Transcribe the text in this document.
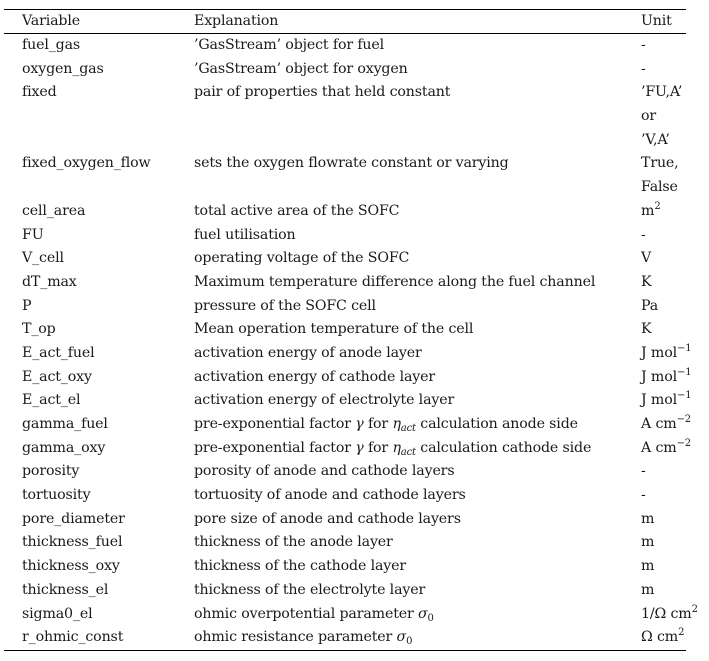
Variable	Explanation	Unit
fuel_gas	’GasStream’ object for fuel	-
oxygen_gas	’GasStream’ object for oxygen	-
fixed	pair of properties that held constant	’FU,A’
or
’V,A’
fixed_oxygen_flow	sets the oxygen flowrate constant or varying	True,
False
cell_area	total active area of the SOFC	$m^2$
FU	fuel utilisation	-
V_cell	operating voltage of the SOFC	V
dT_max	Maximum temperature difference along the fuel channel	K
P	pressure of the SOFC cell	Pa
T_op	Mean operation temperature of the cell	K
E_act_fuel	activation energy of anode layer	J mol$^{-1}$
E_act_oxy	activation energy of cathode layer	J mol$^{-1}$
E_act_el	activation energy of electrolyte layer	J mol$^{-1}$
gamma_fuel	pre-exponential factor γ for $\eta_{act}$ calculation anode side	A $cm^{-2}$
gamma_oxy	pre-exponential factor γ for $\eta_{act}$ calculation cathode side	A $cm^{-2}$
porosity	porosity of anode and cathode layers	-
tortuosity	tortuosity of anode and cathode layers	-
pore_diameter	pore size of anode and cathode layers	m
thickness_fuel	thickness of the anode layer	m
thickness_oxy	thickness of the cathode layer	m
thickness_el	thickness of the electrolyte layer	m
sigma0_el	ohmic overpotential parameter $\sigma_0$	1/Ω $cm^2$
r_ohmic_const	ohmic resistance parameter $\sigma_0$	Ω $cm^2$
